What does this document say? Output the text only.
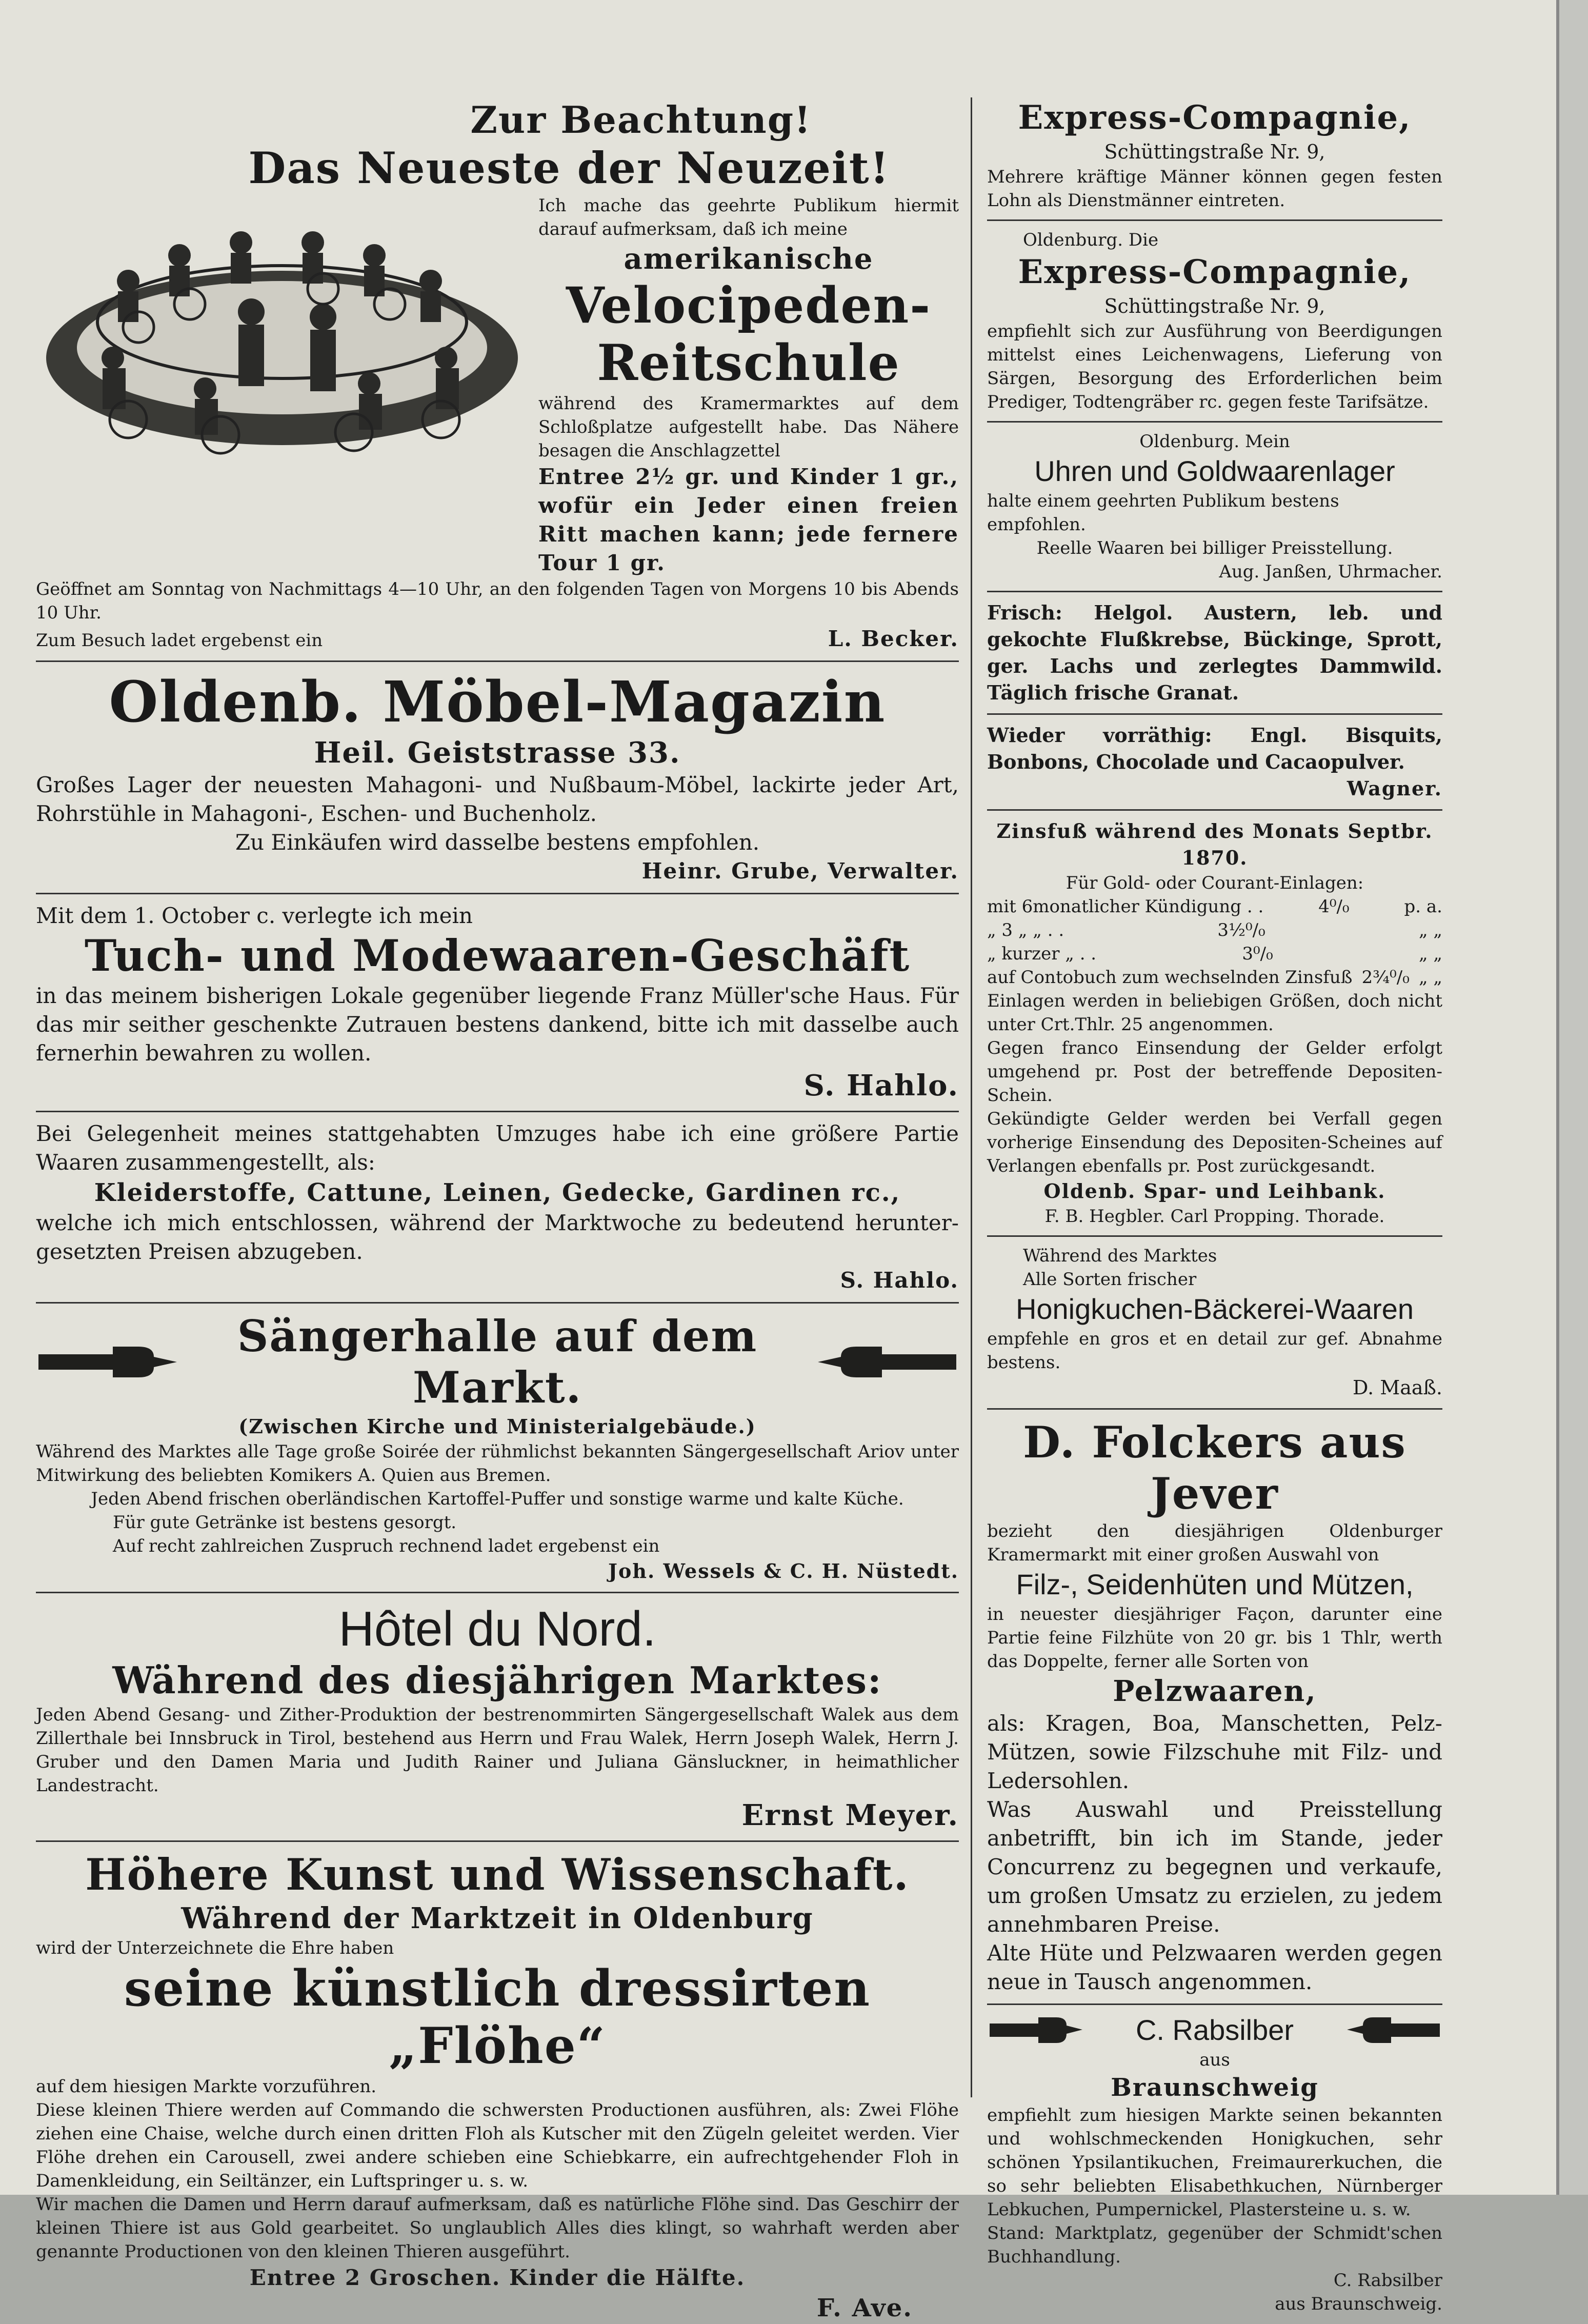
Zur Beachtung!

Das Neueste der Neuzeit!

Ich mache das geehrte Publikum hiermit darauf aufmerksam, daß ich meine

amerikanische

Velocipeden-

Reitschule

während des Kramermarktes auf dem Schloßplatze aufgestellt habe. Das Nähere besagen die Anschlagzettel

Entree 2½ gr. und Kinder 1 gr., wofür ein Jeder einen freien Ritt machen kann; jede fernere Tour 1 gr.

Geöffnet am Sonntag von Nachmittags 4—10 Uhr, an den folgenden Tagen von Morgens 10 bis Abends 10 Uhr.

Zum Besuch ladet ergebenst ein	L. Becker.

Oldenb. Möbel-Magazin

Heil. Geiststrasse 33.

Großes Lager der neuesten Mahagoni- und Nußbaum-Möbel, lackirte jeder Art, Rohrstühle in Mahagoni-, Eschen- und Buchenholz.

Zu Einkäufen wird dasselbe bestens empfohlen.

Heinr. Grube, Verwalter.

Mit dem 1. October c. verlegte ich mein

Tuch- und Modewaaren-Geschäft

in das meinem bisherigen Lokale gegenüber liegende Franz Müller'sche Haus. Für das mir seither geschenkte Zutrauen bestens dankend, bitte ich mit dasselbe auch fernerhin bewahren zu wollen.

S. Hahlo.

Bei Gelegenheit meines stattgehabten Umzuges habe ich eine größere Partie Waaren zusammengestellt, als:

Kleiderstoffe, Cattune, Leinen, Gedecke, Gardinen rc.,

welche ich mich entschlossen, während der Marktwoche zu bedeutend herunter-gesetzten Preisen abzugeben.

S. Hahlo.

Sängerhalle auf dem Markt.

(Zwischen Kirche und Ministerialgebäude.)

Während des Marktes alle Tage große Soirée der rühmlichst bekannten Sängergesellschaft Ariov unter Mitwirkung des beliebten Komikers A. Quien aus Bremen.

Jeden Abend frischen oberländischen Kartoffel-Puffer und sonstige warme und kalte Küche.

Für gute Getränke ist bestens gesorgt.

Auf recht zahlreichen Zuspruch rechnend ladet ergebenst ein

Joh. Wessels & C. H. Nüstedt.

Hôtel du Nord.

Während des diesjährigen Marktes:

Jeden Abend Gesang- und Zither-Produktion der bestrenommirten Sängergesellschaft Walek aus dem Zillerthale bei Innsbruck in Tirol, bestehend aus Herrn und Frau Walek, Herrn Joseph Walek, Herrn J. Gruber und den Damen Maria und Judith Rainer und Juliana Gänsluckner, in heimathlicher Landestracht.

Ernst Meyer.

Höhere Kunst und Wissenschaft.

Während der Marktzeit in Oldenburg

wird der Unterzeichnete die Ehre haben

seine künstlich dressirten „Flöhe“

auf dem hiesigen Markte vorzuführen.

Diese kleinen Thiere werden auf Commando die schwersten Productionen ausführen, als: Zwei Flöhe ziehen eine Chaise, welche durch einen dritten Floh als Kutscher mit den Zügeln geleitet werden. Vier Flöhe drehen ein Carousell, zwei andere schieben eine Schiebkarre, ein aufrechtgehender Floh in Damenkleidung, ein Seiltänzer, ein Luftspringer u. s. w.

Wir machen die Damen und Herrn darauf aufmerksam, daß es natürliche Flöhe sind. Das Geschirr der kleinen Thiere ist aus Gold gearbeitet. So unglaublich Alles dies klingt, so wahrhaft werden aber genannte Productionen von den kleinen Thieren ausgeführt.

Entree 2 Groschen. Kinder die Hälfte.

F. Ave.

Express-Compagnie,

Schüttingstraße Nr. 9,

Mehrere kräftige Männer können gegen festen Lohn als Dienstmänner eintreten.

Oldenburg. Die

Express-Compagnie,

Schüttingstraße Nr. 9,

empfiehlt sich zur Ausführung von Beerdigungen mittelst eines Leichenwagens, Lieferung von Särgen, Besorgung des Erforderlichen beim Prediger, Todtengräber rc. gegen feste Tarifsätze.

Oldenburg. Mein

Uhren und Goldwaarenlager

halte einem geehrten Publikum bestens empfohlen.

Reelle Waaren bei billiger Preisstellung.

Aug. Janßen, Uhrmacher.

Frisch: Helgol. Austern, leb. und gekochte Flußkrebse, Bückinge, Sprott, ger. Lachs und zerlegtes Dammwild. Täglich frische Granat.

Wieder vorräthig: Engl. Bisquits, Bonbons, Chocolade und Cacaopulver.

Wagner.

Zinsfuß während des Monats Septbr. 1870.

Für Gold- oder Courant-Einlagen:

mit 6monatlicher Kündigung . .	4⁰/₀	p. a.
„ 3 „ „ . .	3½⁰/₀	„ „
„ kurzer „ . .	3⁰/₀	„ „
auf Contobuch zum wechselnden Zinsfuß 2¾⁰/₀ „ „

Einlagen werden in beliebigen Größen, doch nicht unter Crt.Thlr. 25 angenommen.

Gegen franco Einsendung der Gelder erfolgt umgehend pr. Post der betreffende Depositen-Schein.

Gekündigte Gelder werden bei Verfall gegen vorherige Einsendung des Depositen-Scheines auf Verlangen ebenfalls pr. Post zurückgesandt.

Oldenb. Spar- und Leihbank.

F. B. Hegbler. Carl Propping. Thorade.

Während des Marktes

Alle Sorten frischer

Honigkuchen-Bäckerei-Waaren

empfehle en gros et en detail zur gef. Abnahme bestens.

D. Maaß.

D. Folckers aus Jever

bezieht den diesjährigen Oldenburger Kramermarkt mit einer großen Auswahl von

Filz-, Seidenhüten und Mützen,

in neuester diesjähriger Façon, darunter eine Partie feine Filzhüte von 20 gr. bis 1 Thlr, werth das Doppelte, ferner alle Sorten von

Pelzwaaren,

als: Kragen, Boa, Manschetten, Pelz-Mützen, sowie Filzschuhe mit Filz- und Ledersohlen.

Was Auswahl und Preisstellung anbetrifft, bin ich im Stande, jeder Concurrenz zu begegnen und verkaufe, um großen Umsatz zu erzielen, zu jedem annehmbaren Preise.

Alte Hüte und Pelzwaaren werden gegen neue in Tausch angenommen.

C. Rabsilber

aus

Braunschweig

empfiehlt zum hiesigen Markte seinen bekannten und wohlschmeckenden Honigkuchen, sehr schönen Ypsilantikuchen, Freimaurerkuchen, die so sehr beliebten Elisabethkuchen, Nürnberger Lebkuchen, Pumpernickel, Plastersteine u. s. w.

Stand: Marktplatz, gegenüber der Schmidt'schen Buchhandlung.

C. Rabsilber

aus Braunschweig.
